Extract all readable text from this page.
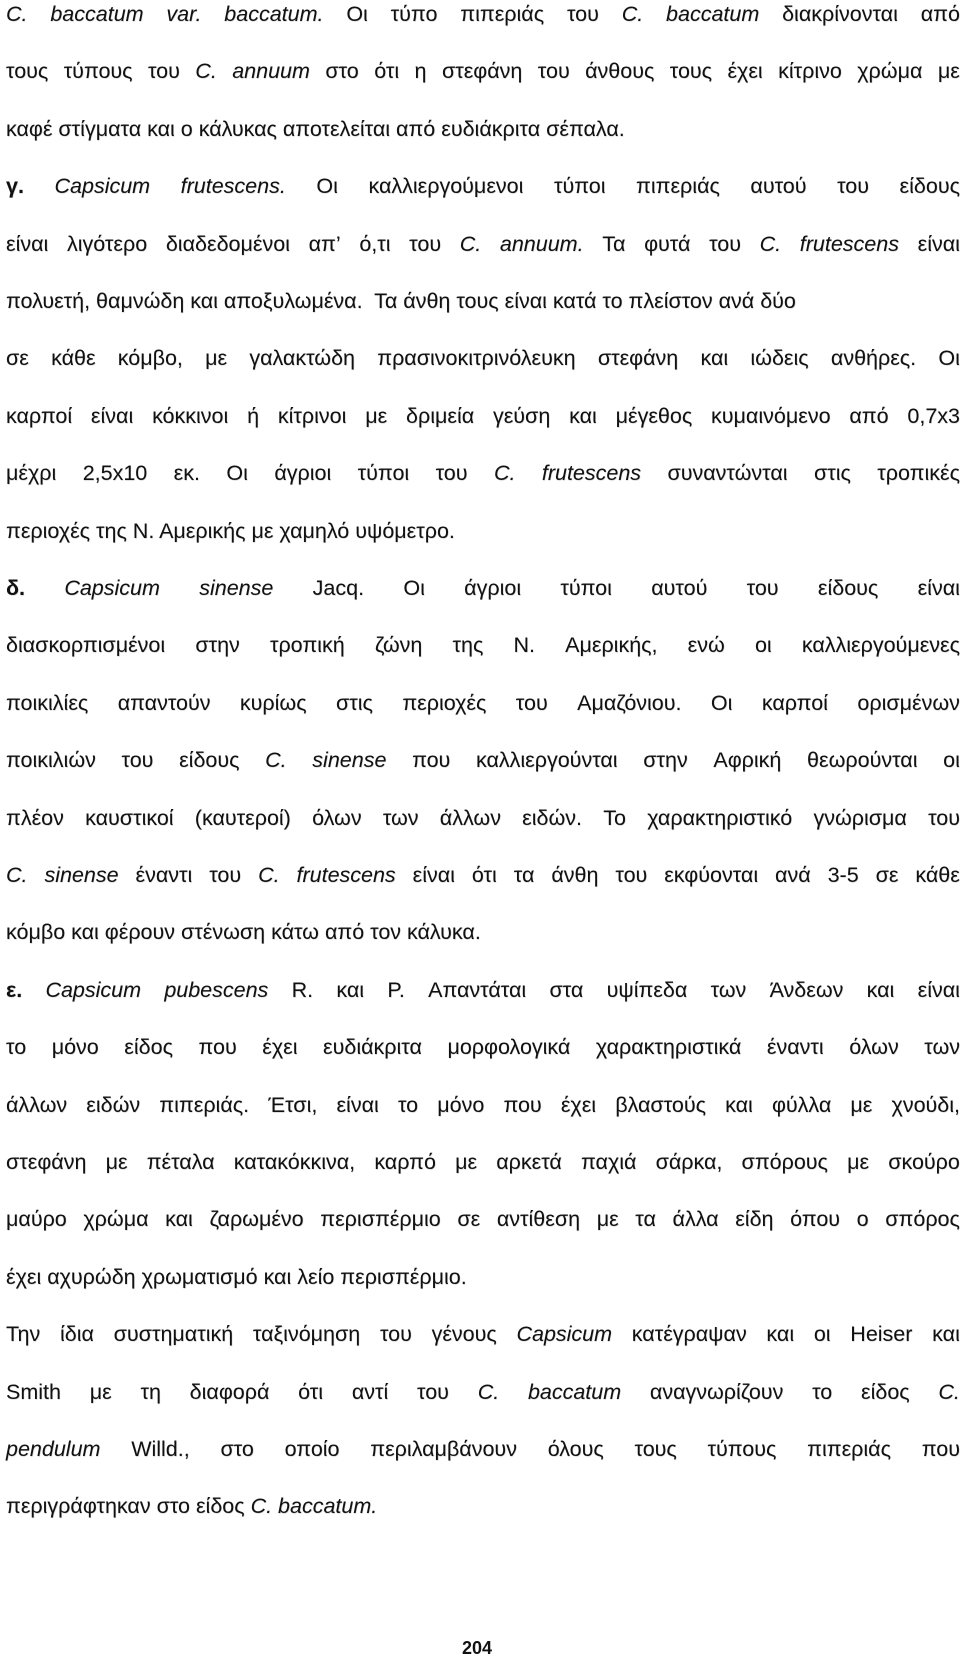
C. baccatum var. baccatum. Οι τύπο πιπεριάς του C. baccatum διακρίνονται από
τους τύπους του C. annuum στο ότι η στεφάνη του άνθους τους έχει κίτρινο χρώμα με
καφέ στίγματα και ο κάλυκας αποτελείται από ευδιάκριτα σέπαλα.
γ. Capsicum frutescens. Οι καλλιεργούμενοι τύποι πιπεριάς αυτού του είδους
είναι λιγότερο διαδεδομένοι απ’ ό,τι του C. annuum. Τα φυτά του C. frutescens είναι
πολυετή, θαμνώδη και αποξυλωμένα.  Τα άνθη τους είναι κατά το πλείστον ανά δύο
σε κάθε κόμβο, με γαλακτώδη πρασινοκιτρινόλευκη στεφάνη και ιώδεις ανθήρες. Οι
καρποί είναι κόκκινοι ή κίτρινοι με δριμεία γεύση και μέγεθος κυμαινόμενο από 0,7x3
μέχρι 2,5x10 εκ. Οι άγριοι τύποι του C. frutescens συναντώνται στις τροπικές
περιοχές της Ν. Αμερικής με χαμηλό υψόμετρο.
δ. Capsicum sinense Jacq. Οι άγριοι τύποι αυτού του είδους είναι
διασκορπισμένοι στην τροπική ζώνη της Ν. Αμερικής, ενώ οι καλλιεργούμενες
ποικιλίες απαντούν κυρίως στις περιοχές του Αμαζόνιου. Οι καρποί ορισμένων
ποικιλιών του είδους C. sinense που καλλιεργούνται στην Αφρική θεωρούνται οι
πλέον καυστικοί (καυτεροί) όλων των άλλων ειδών. Το χαρακτηριστικό γνώρισμα του
C. sinense έναντι του C. frutescens είναι ότι τα άνθη του εκφύονται ανά 3-5 σε κάθε
κόμβο και φέρουν στένωση κάτω από τον κάλυκα.
ε. Capsicum pubescens R. και P. Απαντάται στα υψίπεδα των Άνδεων και είναι
το μόνο είδος που έχει ευδιάκριτα μορφολογικά χαρακτηριστικά έναντι όλων των
άλλων ειδών πιπεριάς. Έτσι, είναι το μόνο που έχει βλαστούς και φύλλα με χνούδι,
στεφάνη με πέταλα κατακόκκινα, καρπό με αρκετά παχιά σάρκα, σπόρους με σκούρο
μαύρο χρώμα και ζαρωμένο περισπέρμιο σε αντίθεση με τα άλλα είδη όπου ο σπόρος
έχει αχυρώδη χρωματισμό και λείο περισπέρμιο.
Την ίδια συστηματική ταξινόμηση του γένους Capsicum κατέγραψαν και οι Heiser και
Smith με τη διαφορά ότι αντί του C. baccatum αναγνωρίζουν το είδος C.
pendulum Willd., στο οποίο περιλαμβάνουν όλους τους τύπους πιπεριάς που
περιγράφτηκαν στο είδος C. baccatum.
204
